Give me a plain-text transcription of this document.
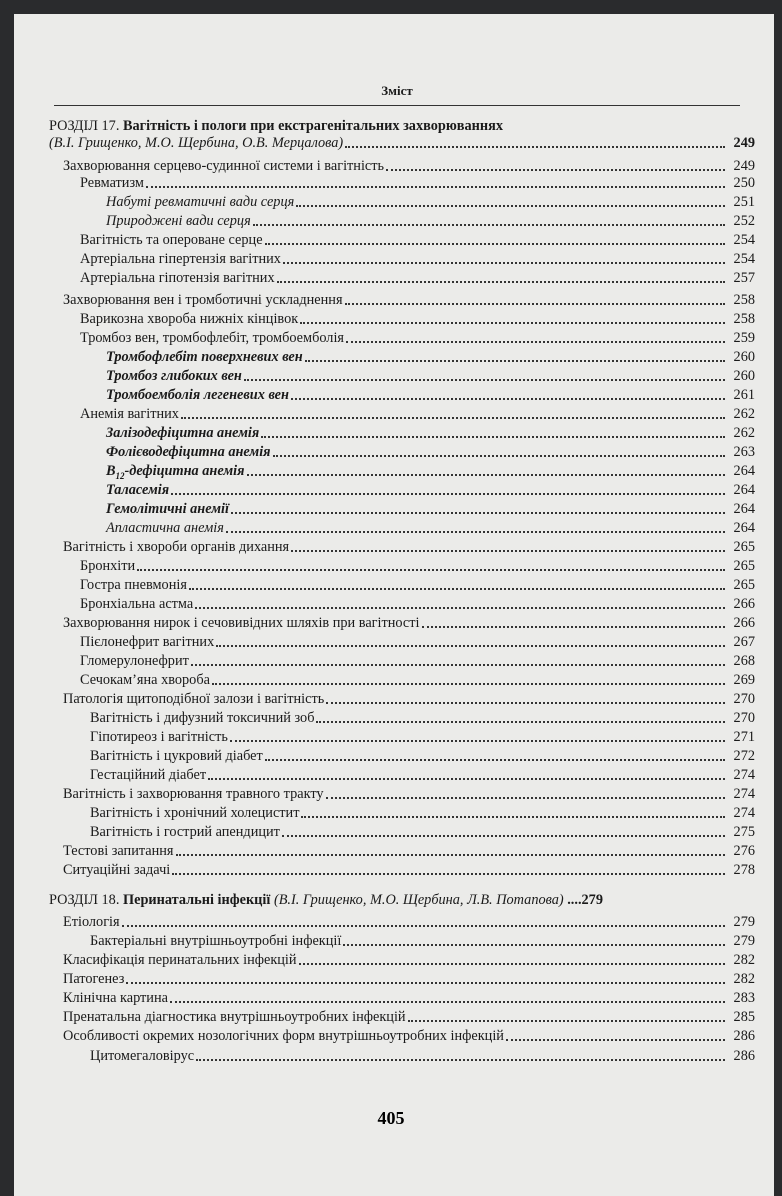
Зміст
РОЗДІЛ 17. Вагітність і пологи при екстрагенітальних захворюваннях
(В.І. Грищенко, М.О. Щербина, О.В. Мерцалова)	249
Захворювання серцево-судинної системи і вагітність	249
Ревматизм	250
Набуті ревматичні вади серця	251
Природжені вади серця	252
Вагітність та опероване серце	254
Артеріальна гіпертензія вагітних	254
Артеріальна гіпотензія вагітних	257
Захворювання вен і тромботичні ускладнення	258
Варикозна хвороба нижніх кінцівок	258
Тромбоз вен, тромбофлебіт, тромбоемболія	259
Тромбофлебіт поверхневих вен	260
Тромбоз глибоких вен	260
Тромбоемболія легеневих вен	261
Анемія вагітних	262
Залізодефіцитна анемія	262
Фолієводефіцитна анемія	263
$B_{12}$-дефіцитна анемія	264
Таласемія	264
Гемолітичні анемії	264
Апластична анемія	264
Вагітність і хвороби органів дихання	265
Бронхіти	265
Гостра пневмонія	265
Бронхіальна астма	266
Захворювання нирок і сечовивідних шляхів при вагітності	266
Пієлонефрит вагітних	267
Гломерулонефрит	268
Сечокам’яна хвороба	269
Патологія щитоподібної залози і вагітність	270
Вагітність і дифузний токсичний зоб	270
Гіпотиреоз і вагітність	271
Вагітність і цукровий діабет	272
Гестаційний діабет	274
Вагітність і захворювання травного тракту	274
Вагітність і хронічний холецистит	274
Вагітність і гострий апендицит	275
Тестові запитання	276
Ситуаційні задачі	278
РОЗДІЛ 18. Перинатальні інфекції (В.І. Грищенко, М.О. Щербина, Л.В. Потапова) ....279
Етіологія	279
Бактеріальні внутрішньоутробні інфекції	279
Класифікація перинатальних інфекцій	282
Патогенез	282
Клінічна картина	283
Пренатальна діагностика внутрішньоутробних інфекцій	285
Особливості окремих нозологічних форм внутрішньоутробних інфекцій	286
Цитомегаловірус	286
405
